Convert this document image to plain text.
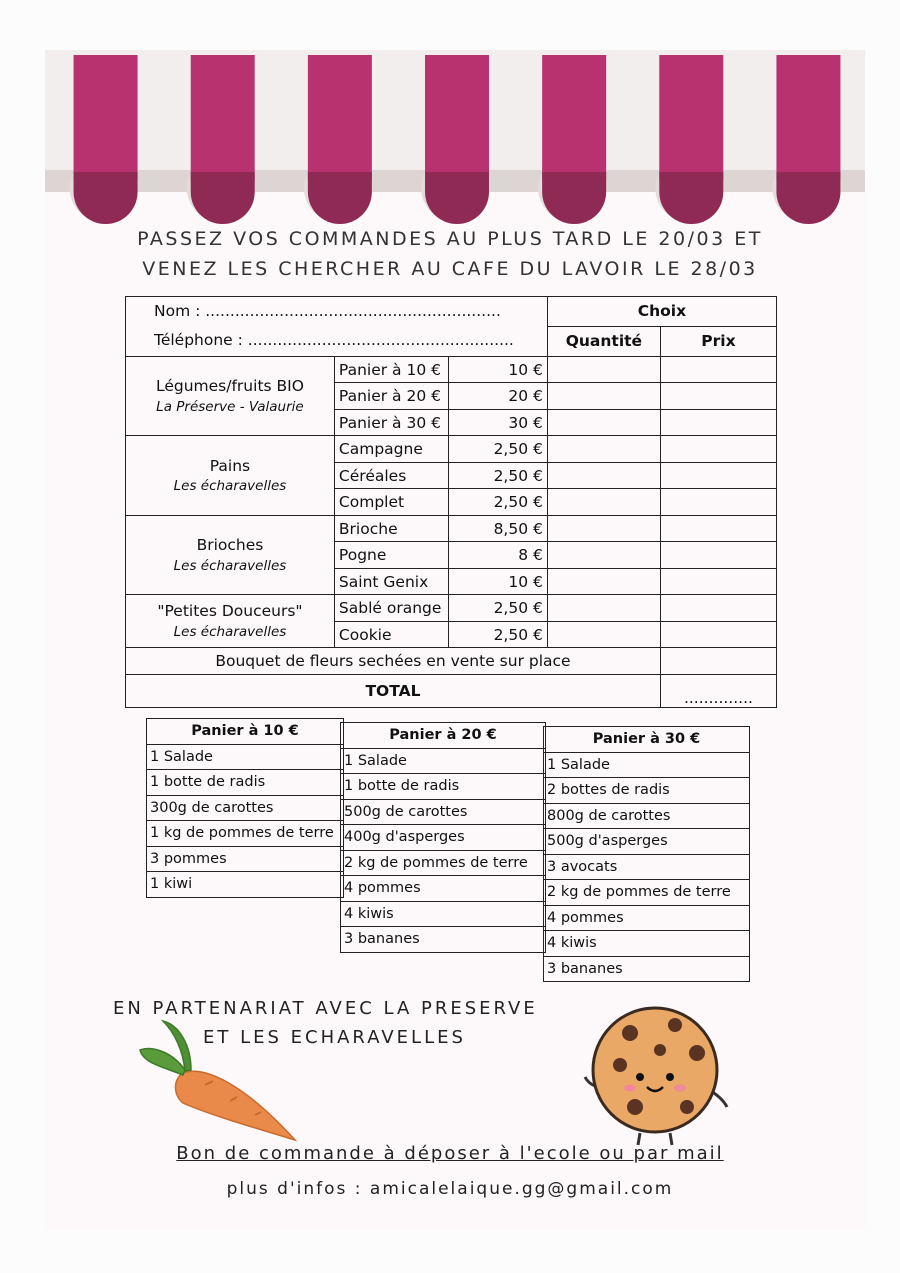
PASSEZ VOS COMMANDES AU PLUS TARD LE 20/03 ET
VENEZ LES CHERCHER AU CAFE DU LAVOIR LE 28/03
Nom : ............................................................
Téléphone : ......................................................			Choix	
			Quantité	Prix

Légumes/fruits BIO
La Préserve - Valaurie	Panier à 10 €	10 €		
	Panier à 20 €	20 €		
	Panier à 30 €	30 €		

Pains
Les écharavelles	Campagne	2,50 €		
	Céréales	2,50 €		
	Complet	2,50 €		

Brioches
Les écharavelles	Brioche	8,50 €		
	Pogne	8 €		
	Saint Genix	10 €		

"Petites Douceurs"
Les écharavelles	Sablé orange	2,50 €		
	Cookie	2,50 €		
Bouquet de fleurs sechées en vente sur place				
TOTAL				..............
Panier à 10 €
1 Salade
1 botte de radis
300g de carottes
1 kg de pommes de terre
3 pommes
1 kiwi
Panier à 20 €
1 Salade
1 botte de radis
500g de carottes
400g d'asperges
2 kg de pommes de terre
4 pommes
4 kiwis
3 bananes
Panier à 30 €
1 Salade
2 bottes de radis
800g de carottes
500g d'asperges
3 avocats
2 kg de pommes de terre
4 pommes
4 kiwis
3 bananes
EN PARTENARIAT AVEC LA PRESERVE
ET LES ECHARAVELLES
Bon de commande à déposer à l'ecole ou par mail
plus d'infos : amicalelaique.gg@gmail.com
